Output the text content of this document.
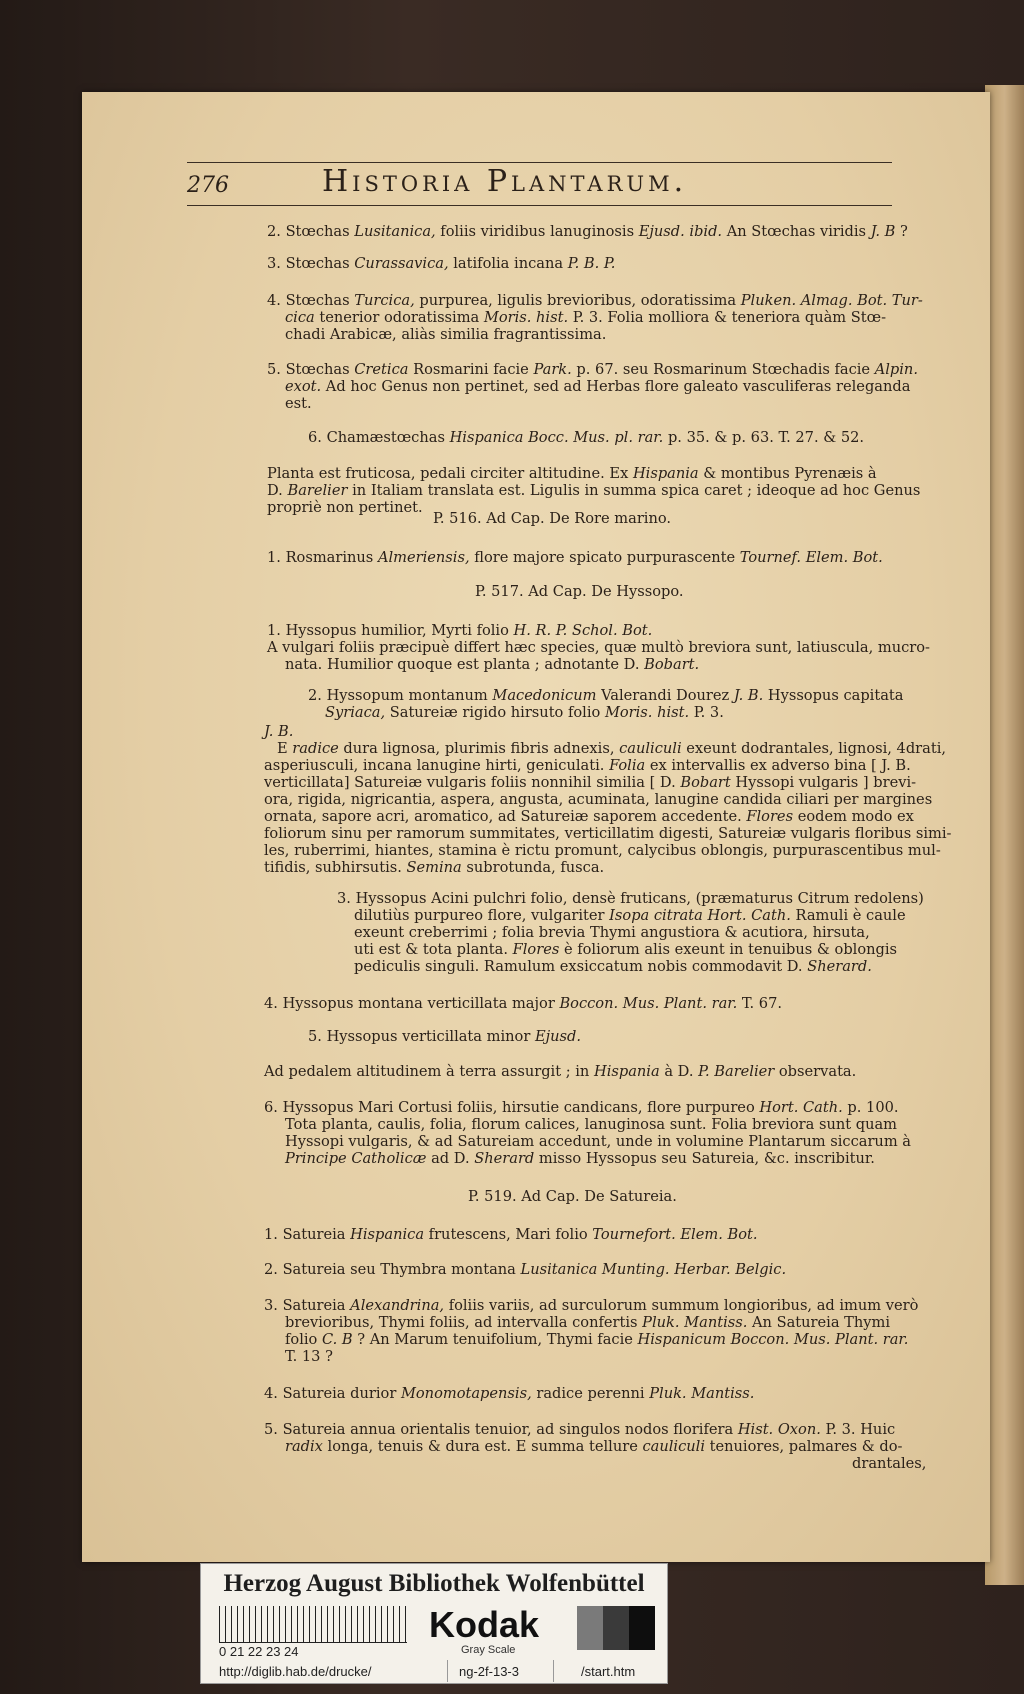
276	Historia Plantarum.
2. Stœchas Lusitanica, foliis viridibus lanuginosis Ejusd. ibid. An Stœchas viridis J. B ?
3. Stœchas Curassavica, latifolia incana P. B. P.
4. Stœchas Turcica, purpurea, ligulis brevioribus, odoratissima Pluken. Almag. Bot. Tur-
cica tenerior odoratissima Moris. hist. P. 3. Folia molliora & teneriora quàm Stœ-
chadi Arabicæ, aliàs similia fragrantissima.
5. Stœchas Cretica Rosmarini facie Park. p. 67. seu Rosmarinum Stœchadis facie Alpin.
exot. Ad hoc Genus non pertinet, sed ad Herbas flore galeato vasculiferas releganda
est.
6. Chamæstœchas Hispanica Bocc. Mus. pl. rar. p. 35. & p. 63. T. 27. & 52.
Planta est fruticosa, pedali circiter altitudine. Ex Hispania & montibus Pyrenæis à
D. Barelier in Italiam translata est. Ligulis in summa spica caret ; ideoque ad hoc Genus
propriè non pertinet.
P. 516. Ad Cap. De Rore marino.
1. Rosmarinus Almeriensis, flore majore spicato purpurascente Tournef. Elem. Bot.
P. 517. Ad Cap. De Hyssopo.
1. Hyssopus humilior, Myrti folio H. R. P. Schol. Bot.
A vulgari foliis præcipuè differt hæc species, quæ multò breviora sunt, latiuscula, mucro-
nata. Humilior quoque est planta ; adnotante D. Bobart.
2. Hyssopum montanum Macedonicum Valerandi Dourez J. B. Hyssopus capitata
Syriaca, Satureiæ rigido hirsuto folio Moris. hist. P. 3.
J. B.
E radice dura lignosa, plurimis fibris adnexis, cauliculi exeunt dodrantales, lignosi, 4drati,
asperiusculi, incana lanugine hirti, geniculati. Folia ex intervallis ex adverso bina [ J. B.
verticillata] Satureiæ vulgaris foliis nonnihil similia [ D. Bobart Hyssopi vulgaris ] brevi-
ora, rigida, nigricantia, aspera, angusta, acuminata, lanugine candida ciliari per margines
ornata, sapore acri, aromatico, ad Satureiæ saporem accedente. Flores eodem modo ex
foliorum sinu per ramorum summitates, verticillatim digesti, Satureiæ vulgaris floribus simi-
les, ruberrimi, hiantes, stamina è rictu promunt, calycibus oblongis, purpurascentibus mul-
tifidis, subhirsutis. Semina subrotunda, fusca.
3. Hyssopus Acini pulchri folio, densè fruticans, (præmaturus Citrum redolens)
dilutiùs purpureo flore, vulgariter Isopa citrata Hort. Cath. Ramuli è caule
exeunt creberrimi ; folia brevia Thymi angustiora & acutiora, hirsuta,
uti est & tota planta. Flores è foliorum alis exeunt in tenuibus & oblongis
pediculis singuli. Ramulum exsiccatum nobis commodavit D. Sherard.
4. Hyssopus montana verticillata major Boccon. Mus. Plant. rar. T. 67.
5. Hyssopus verticillata minor Ejusd.
Ad pedalem altitudinem à terra assurgit ; in Hispania à D. P. Barelier observata.
6. Hyssopus Mari Cortusi foliis, hirsutie candicans, flore purpureo Hort. Cath. p. 100.
Tota planta, caulis, folia, florum calices, lanuginosa sunt. Folia breviora sunt quam
Hyssopi vulgaris, & ad Satureiam accedunt, unde in volumine Plantarum siccarum à
Principe Catholicæ ad D. Sherard misso Hyssopus seu Satureia, &c. inscribitur.
P. 519. Ad Cap. De Satureia.
1. Satureia Hispanica frutescens, Mari folio Tournefort. Elem. Bot.
2. Satureia seu Thymbra montana Lusitanica Munting. Herbar. Belgic.
3. Satureia Alexandrina, foliis variis, ad surculorum summum longioribus, ad imum verò
brevioribus, Thymi foliis, ad intervalla confertis Pluk. Mantiss. An Satureia Thymi
folio C. B ? An Marum tenuifolium, Thymi facie Hispanicum Boccon. Mus. Plant. rar.
T. 13 ?
4. Satureia durior Monomotapensis, radice perenni Pluk. Mantiss.
5. Satureia annua orientalis tenuior, ad singulos nodos florifera Hist. Oxon. P. 3. Huic
radix longa, tenuis & dura est. E summa tellure cauliculi tenuiores, palmares & do-
drantales,
Herzog August Bibliothek Wolfenbüttel
0 21 22 23 24
Kodak
Gray Scale
http://diglib.hab.de/drucke/	ng-2f-13-3	/start.htm
